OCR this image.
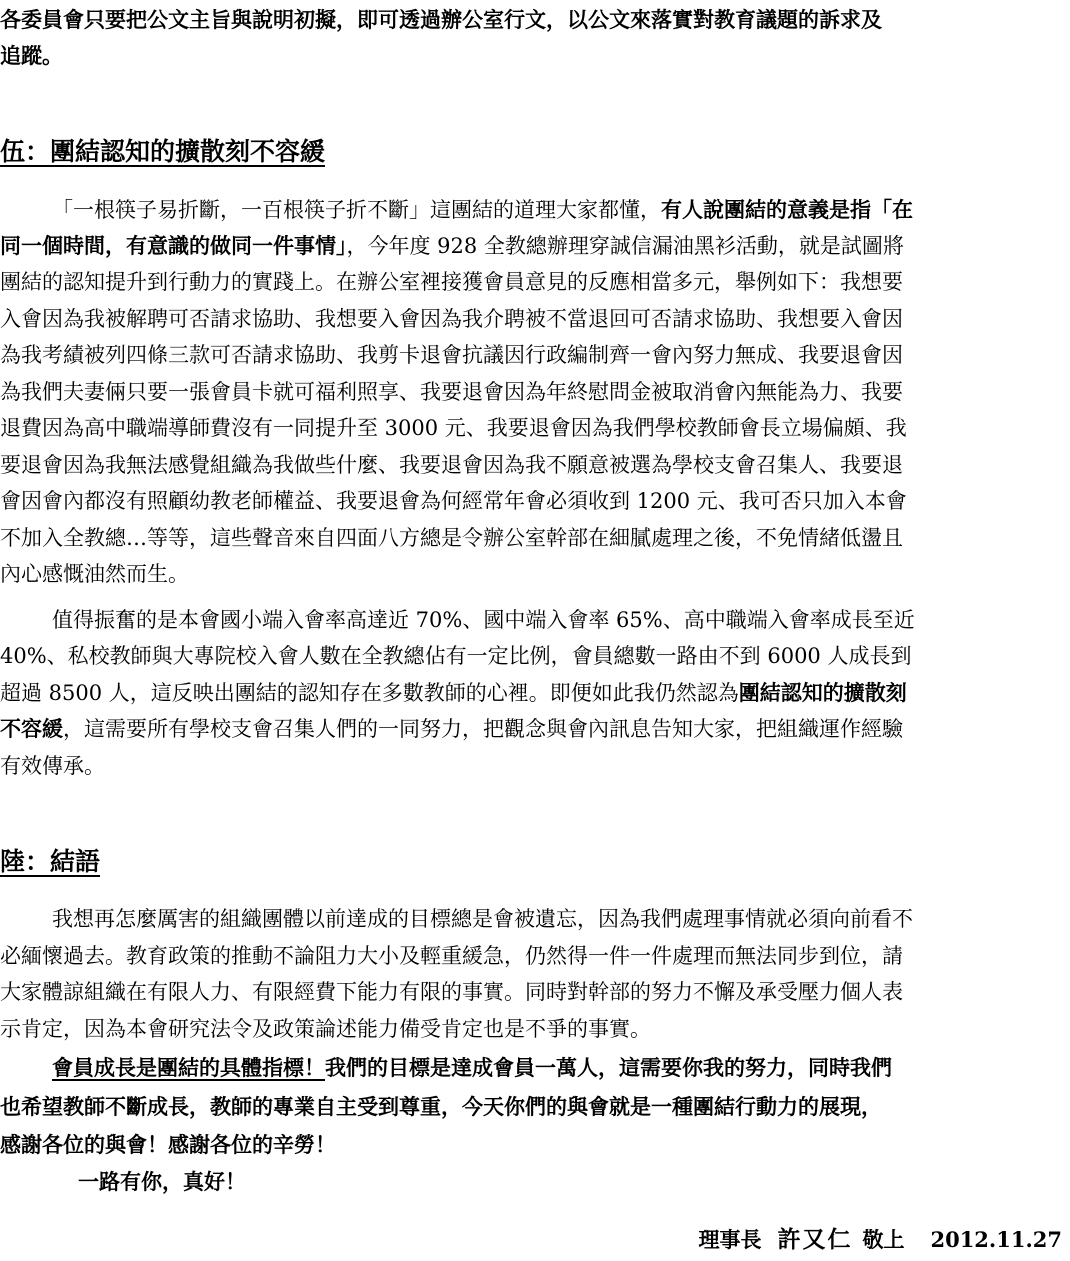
各委員會只要把公文主旨與說明初擬，即可透過辦公室行文，以公文來落實對教育議題的訴求及
追蹤。
伍：團結認知的擴散刻不容緩
「一根筷子易折斷，一百根筷子折不斷」這團結的道理大家都懂，有人說團結的意義是指「在
同一個時間，有意識的做同一件事情」，今年度 928 全教總辦理穿誠信漏油黑衫活動，就是試圖將
團結的認知提升到行動力的實踐上。在辦公室裡接獲會員意見的反應相當多元，舉例如下：我想要
入會因為我被解聘可否請求協助、我想要入會因為我介聘被不當退回可否請求協助、我想要入會因
為我考績被列四條三款可否請求協助、我剪卡退會抗議因行政編制齊一會內努力無成、我要退會因
為我們夫妻倆只要一張會員卡就可福利照享、我要退會因為年終慰問金被取消會內無能為力、我要
退費因為高中職端導師費沒有一同提升至 3000 元、我要退會因為我們學校教師會長立場偏頗、我
要退會因為我無法感覺組織為我做些什麼、我要退會因為我不願意被選為學校支會召集人、我要退
會因會內都沒有照顧幼教老師權益、我要退會為何經常年會必須收到 1200 元、我可否只加入本會
不加入全教總…等等，這些聲音來自四面八方總是令辦公室幹部在細膩處理之後，不免情緒低盪且
內心感慨油然而生。
值得振奮的是本會國小端入會率高達近 70%、國中端入會率 65%、高中職端入會率成長至近
40%、私校教師與大專院校入會人數在全教總佔有一定比例，會員總數一路由不到 6000 人成長到
超過 8500 人，這反映出團結的認知存在多數教師的心裡。即便如此我仍然認為團結認知的擴散刻
不容緩，這需要所有學校支會召集人們的一同努力，把觀念與會內訊息告知大家，把組織運作經驗
有效傳承。
陸：結語
我想再怎麼厲害的組織團體以前達成的目標總是會被遺忘，因為我們處理事情就必須向前看不
必緬懷過去。教育政策的推動不論阻力大小及輕重緩急，仍然得一件一件處理而無法同步到位，請
大家體諒組織在有限人力、有限經費下能力有限的事實。同時對幹部的努力不懈及承受壓力個人表
示肯定，因為本會研究法令及政策論述能力備受肯定也是不爭的事實。
會員成長是團結的具體指標！我們的目標是達成會員一萬人，這需要你我的努力，同時我們
也希望教師不斷成長，教師的專業自主受到尊重，今天你們的與會就是一種團結行動力的展現，
感謝各位的與會！感謝各位的辛勞！
一路有你，真好！
理事長 許又仁 敬上 2012.11.27
